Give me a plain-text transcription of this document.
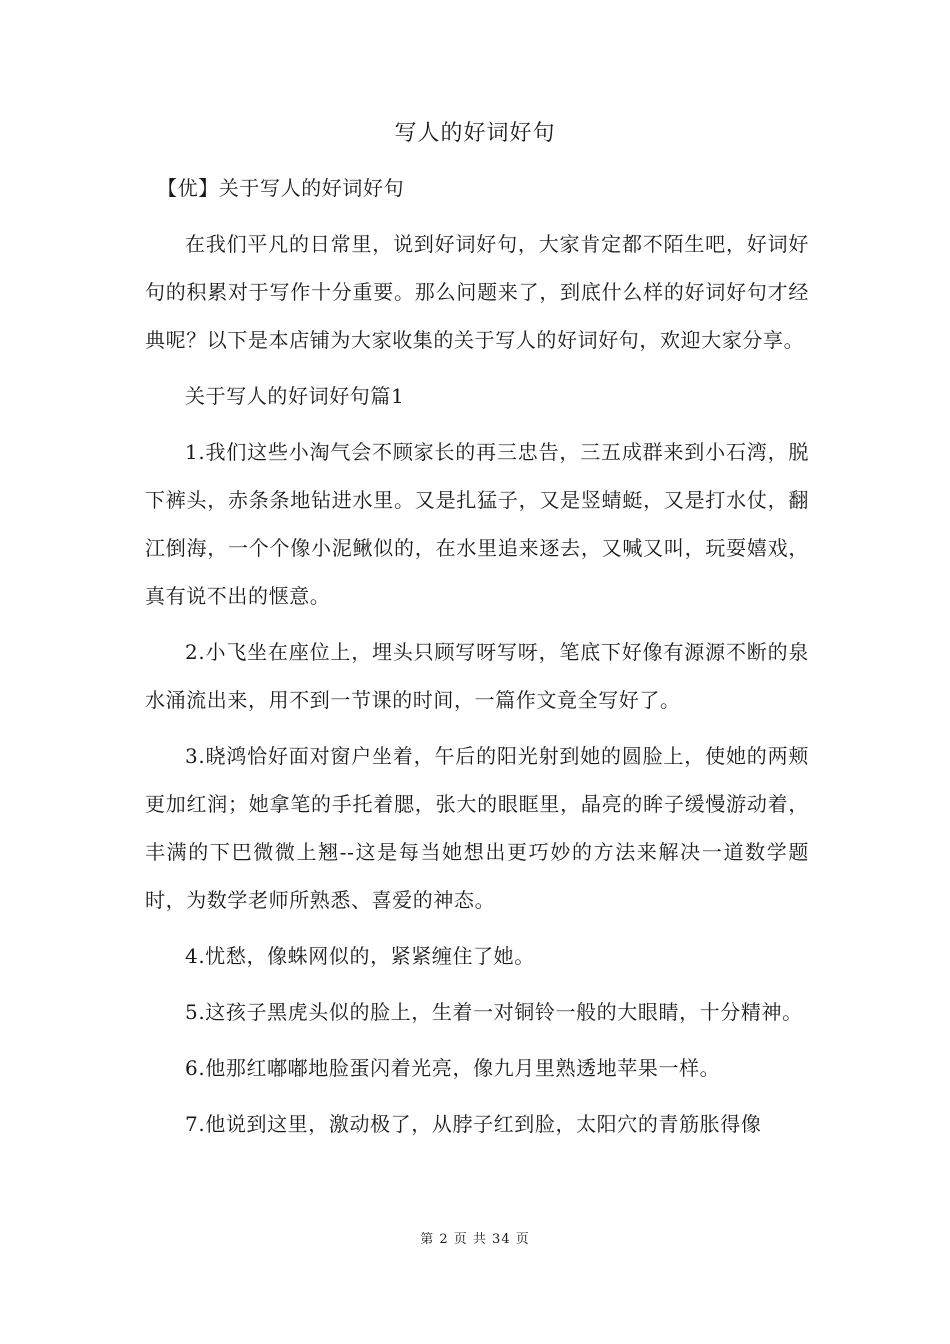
写人的好词好句

【优】关于写人的好词好句

在我们平凡的日常里，说到好词好句，大家肯定都不陌生吧，好词好句的积累对于写作十分重要。那么问题来了，到底什么样的好词好句才经典呢？以下是本店铺为大家收集的关于写人的好词好句，欢迎大家分享。

关于写人的好词好句篇1

1.我们这些小淘气会不顾家长的再三忠告，三五成群来到小石湾，脱下裤头，赤条条地钻进水里。又是扎猛子，又是竖蜻蜓，又是打水仗，翻江倒海，一个个像小泥鳅似的，在水里追来逐去，又喊又叫，玩耍嬉戏，真有说不出的惬意。

2.小飞坐在座位上，埋头只顾写呀写呀，笔底下好像有源源不断的泉水涌流出来，用不到一节课的时间，一篇作文竟全写好了。

3.晓鸿恰好面对窗户坐着，午后的阳光射到她的圆脸上，使她的两颊更加红润；她拿笔的手托着腮，张大的眼眶里，晶亮的眸子缓慢游动着，丰满的下巴微微上翘--这是每当她想出更巧妙的方法来解决一道数学题时，为数学老师所熟悉、喜爱的神态。

4.忧愁，像蛛网似的，紧紧缠住了她。

5.这孩子黑虎头似的脸上，生着一对铜铃一般的大眼睛，十分精神。

6.他那红嘟嘟地脸蛋闪着光亮，像九月里熟透地苹果一样。

7.他说到这里，激动极了，从脖子红到脸，太阳穴的青筋胀得像

第 2 页 共 34 页
